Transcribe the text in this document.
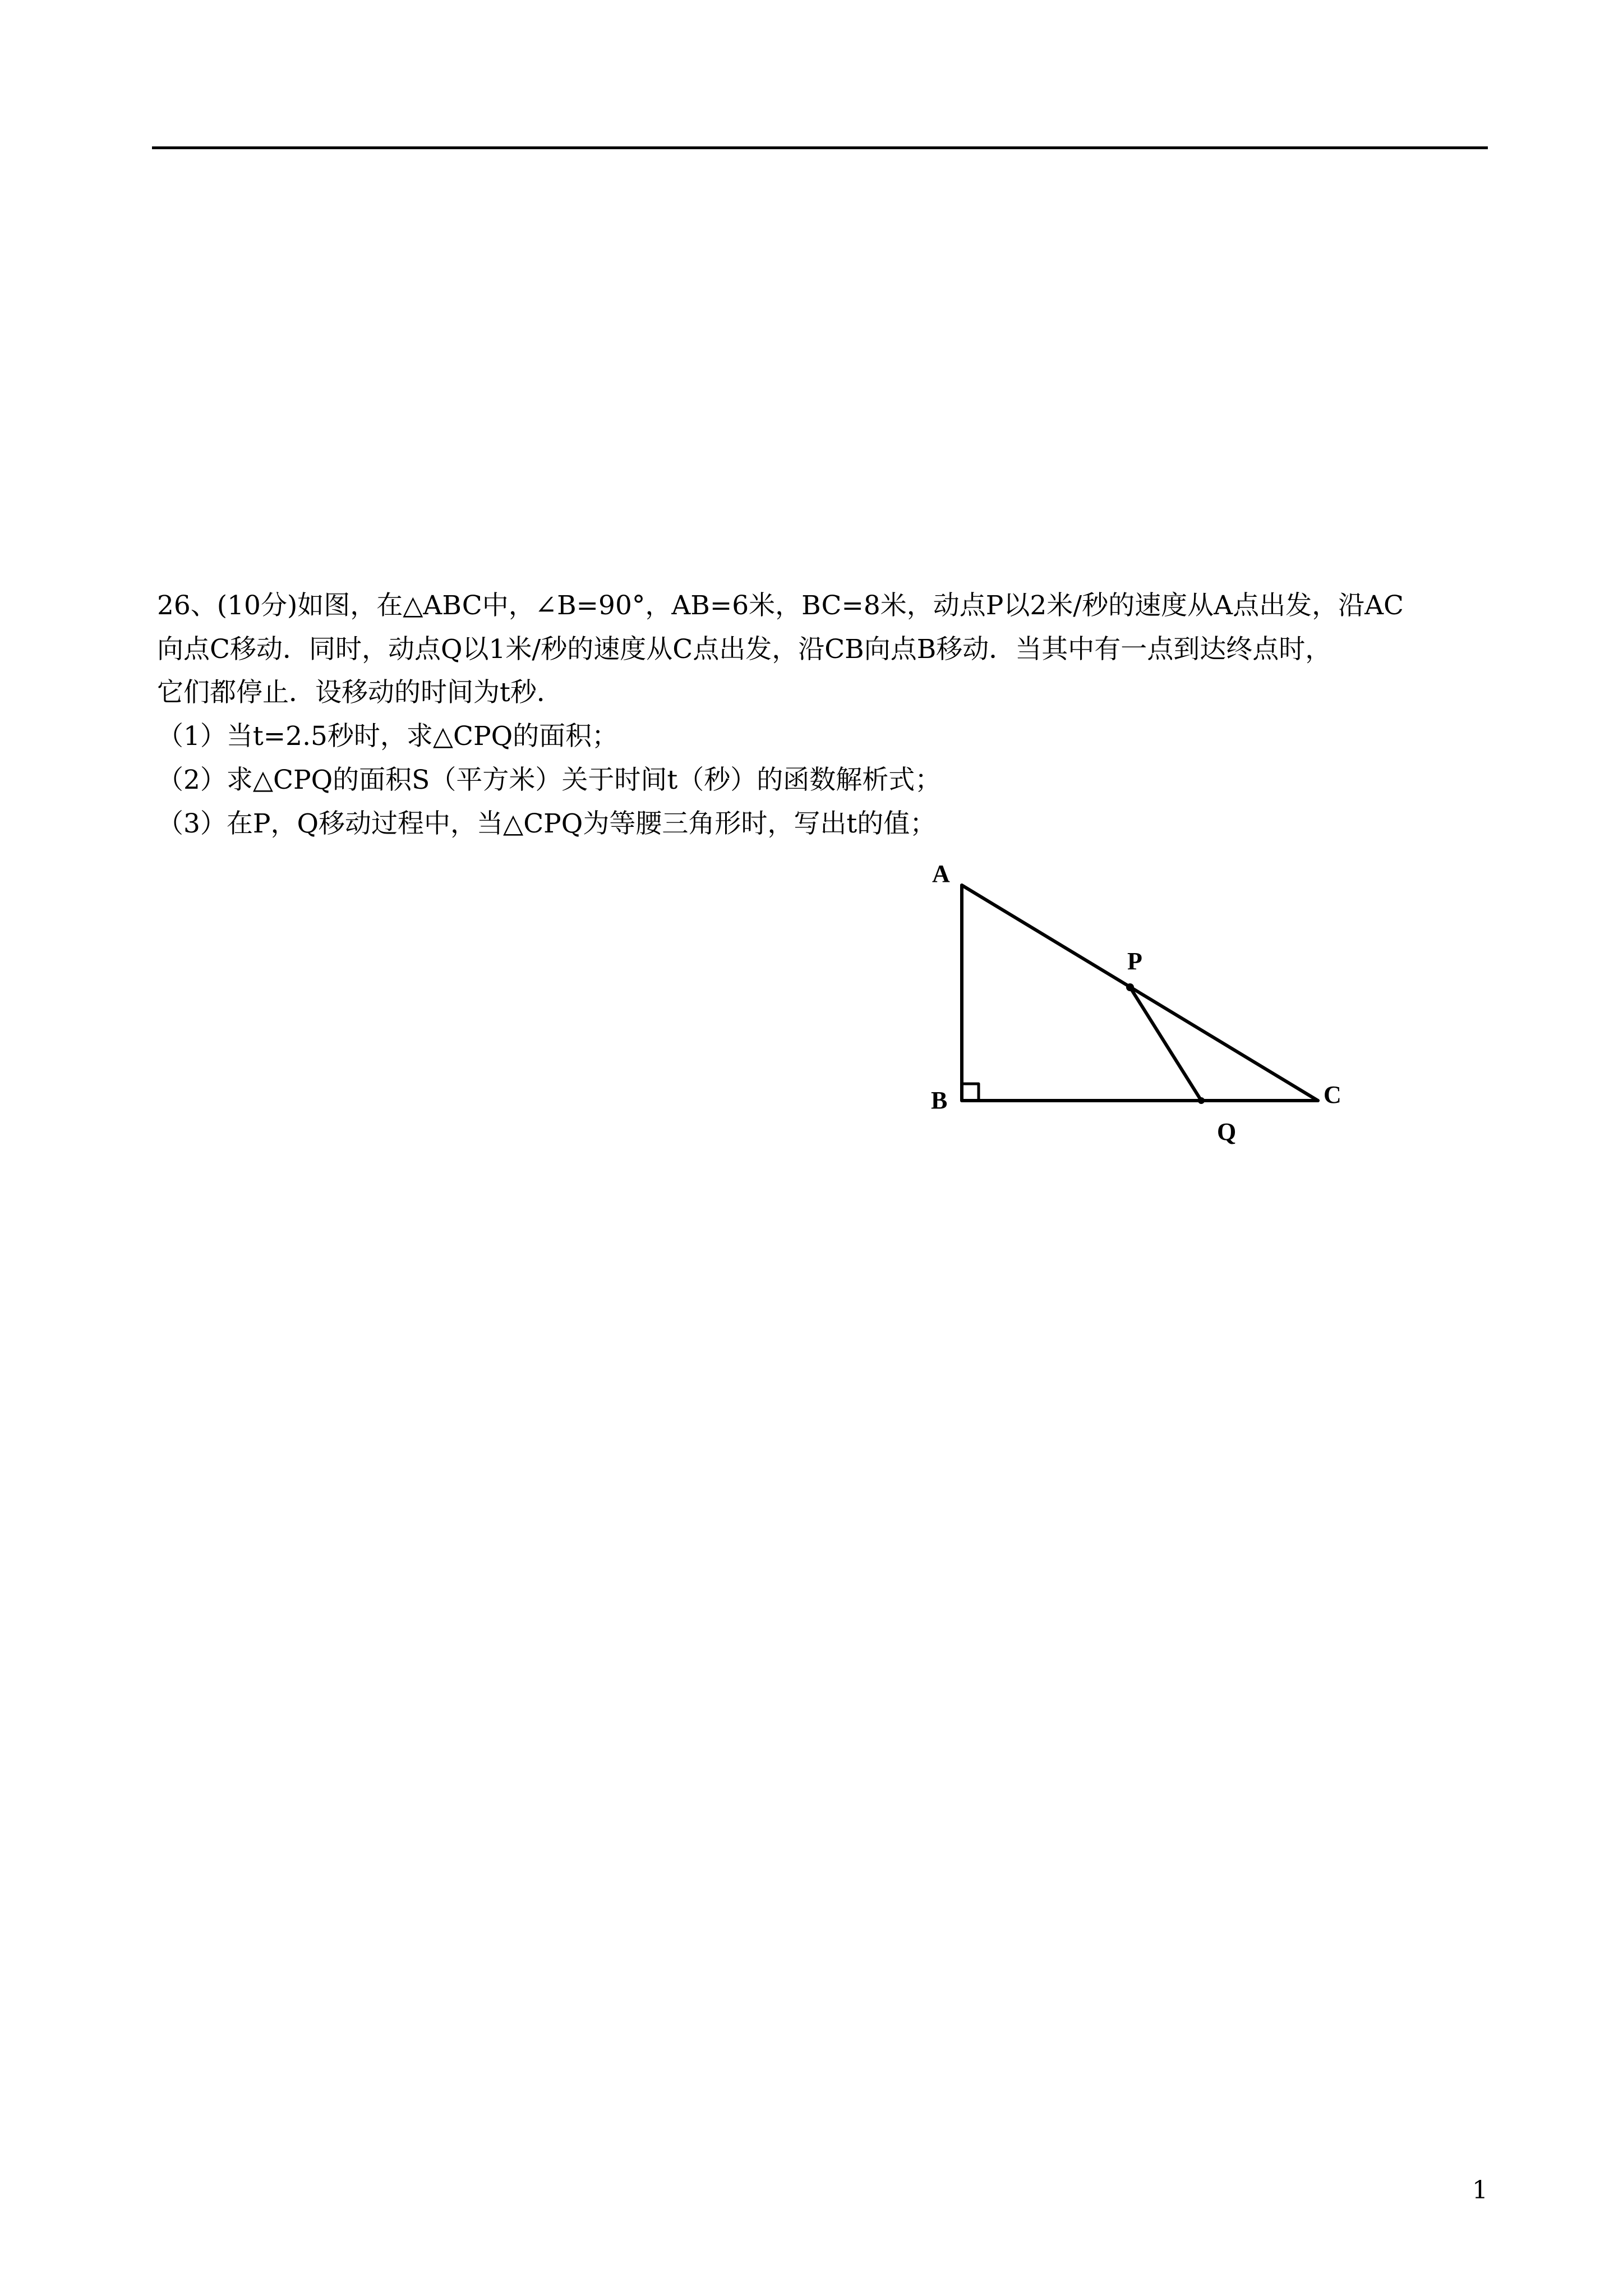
26、(10分)如图，在△ABC中，∠B=90°，AB=6米，BC=8米，动点P以2米/秒的速度从A点出发，沿AC
向点C移动．同时，动点Q以1米/秒的速度从C点出发，沿CB向点B移动．当其中有一点到达终点时，
它们都停止．设移动的时间为t秒．
（1）当t=2.5秒时，求△CPQ的面积；
（2）求△CPQ的面积S（平方米）关于时间t（秒）的函数解析式；
（3）在P，Q移动过程中，当△CPQ为等腰三角形时，写出t的值；
A
B	C
P
Q
1
